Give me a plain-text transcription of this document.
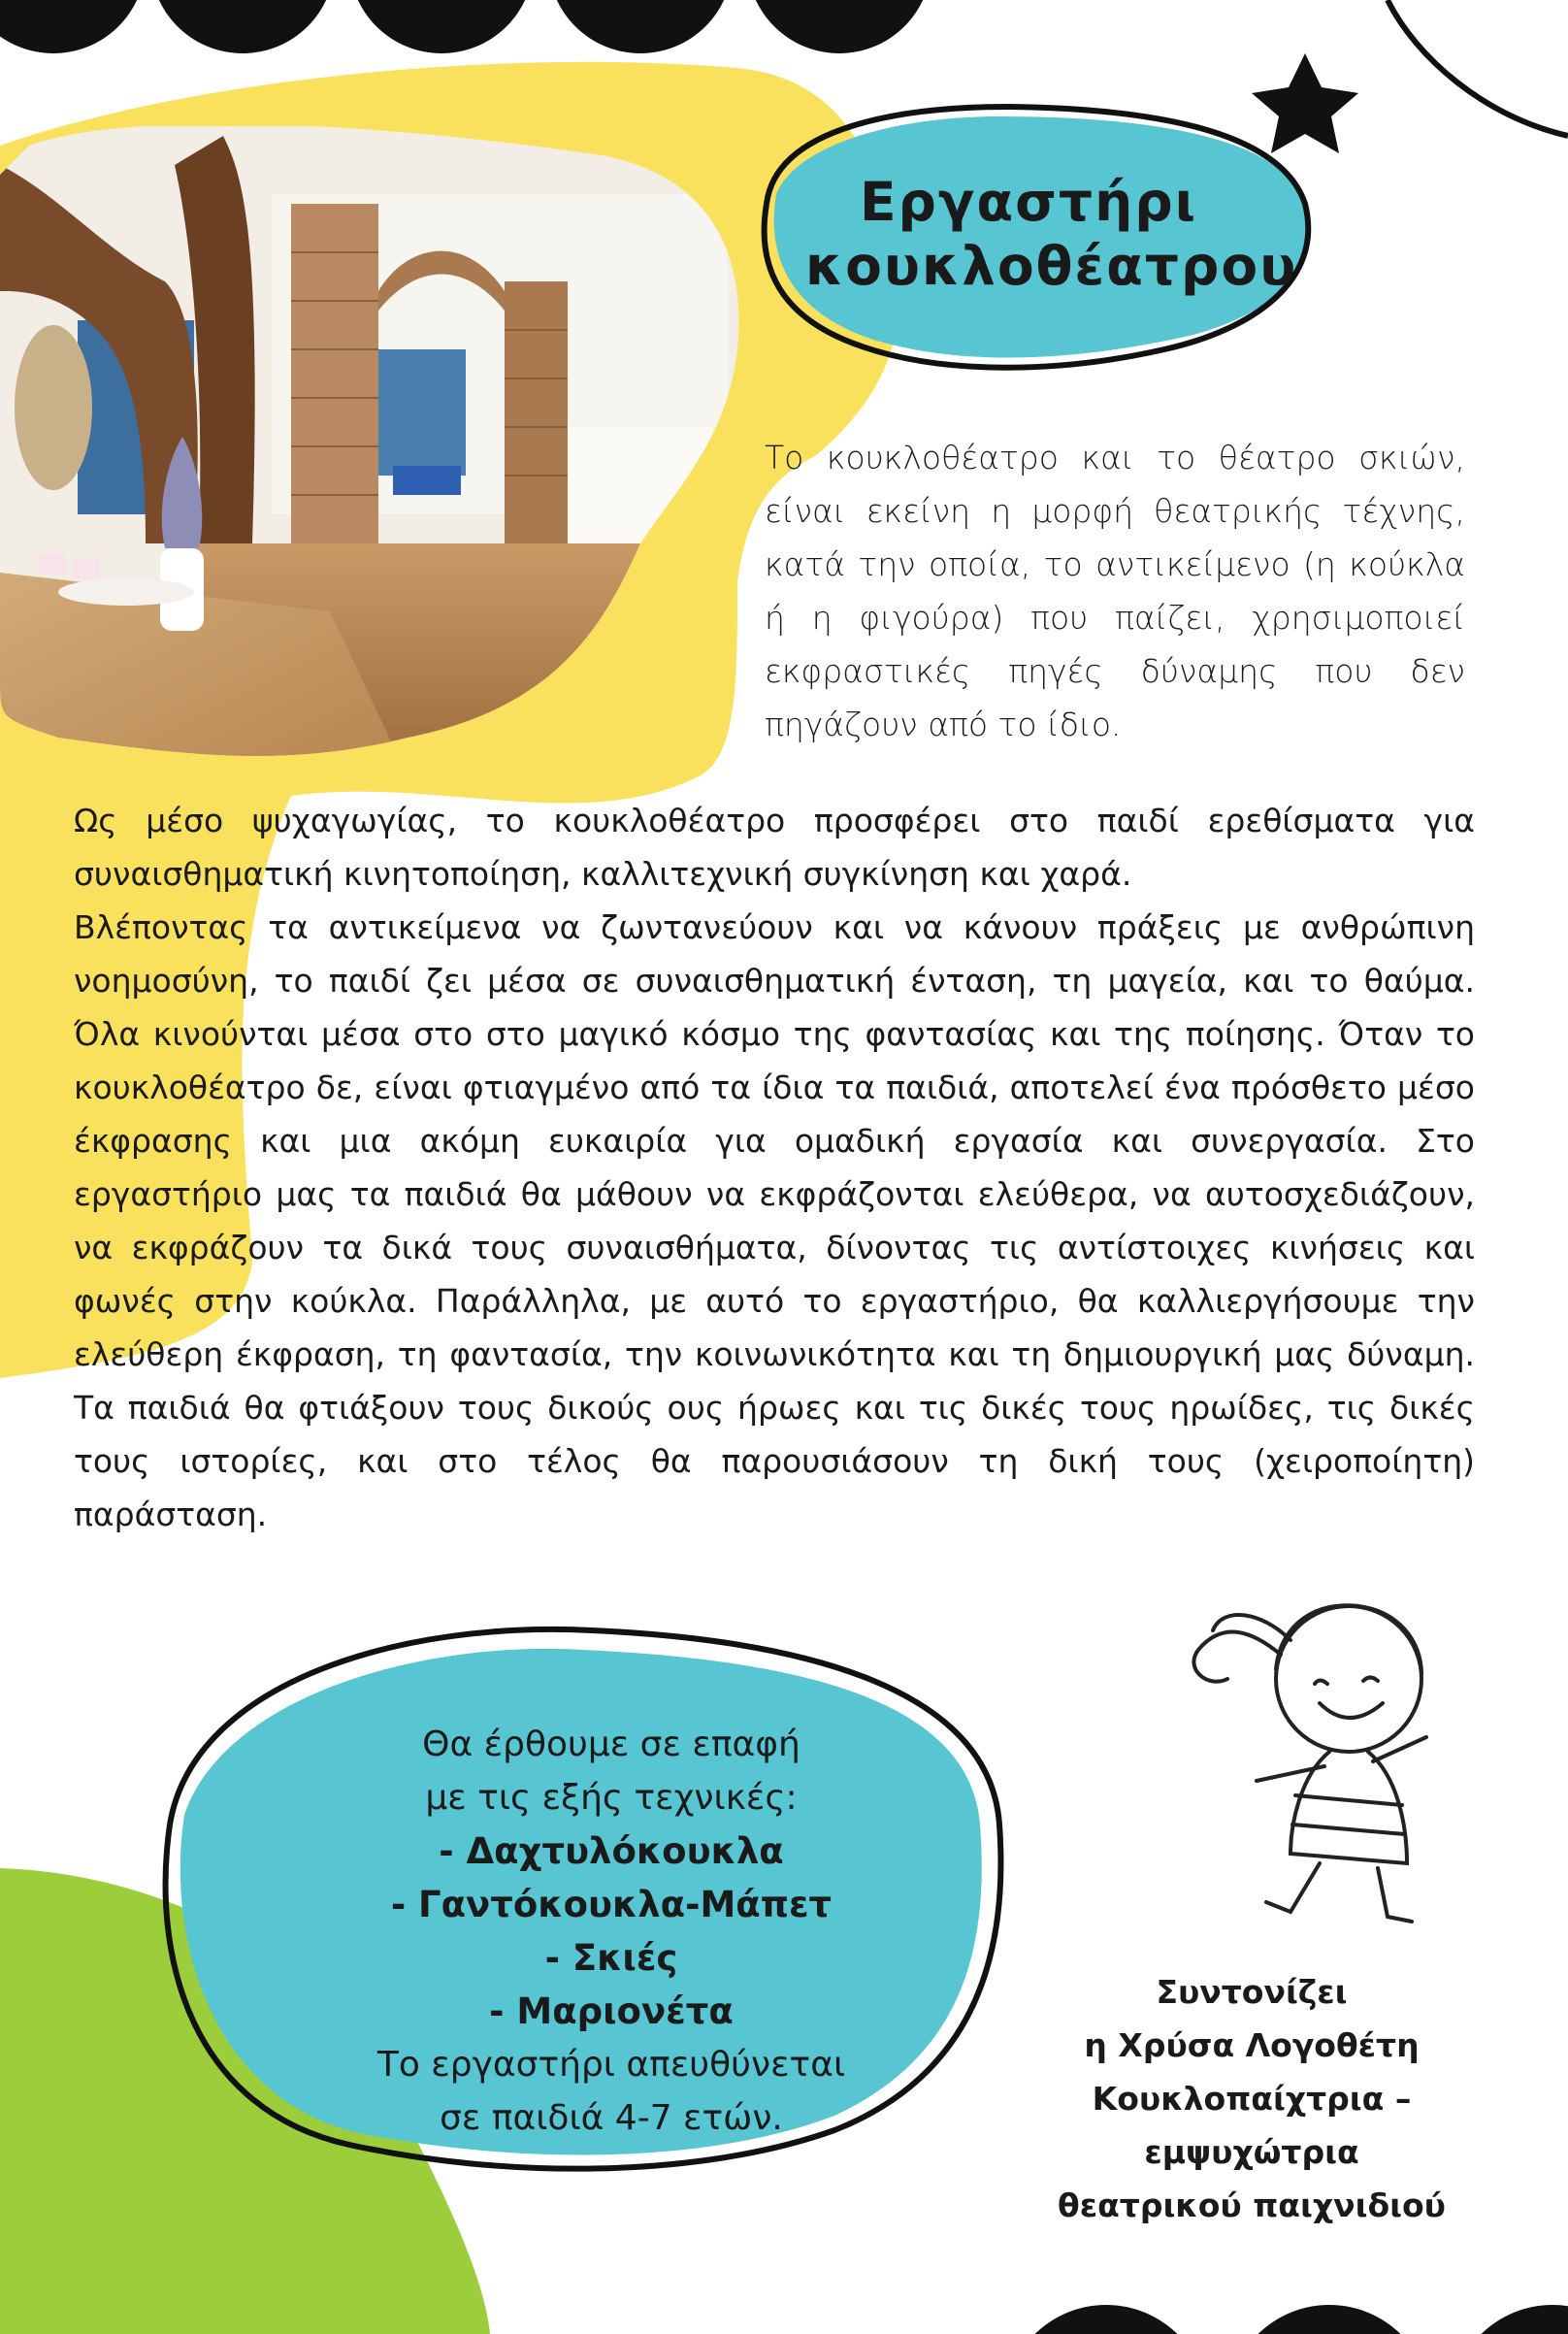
Εργαστήρι
κουκλοθέατρου

Το κουκλοθέατρο και το θέατρο σκιών, είναι εκείνη η μορφή θεατρικής τέχνης, κατά την οποία, το αντικείμενο (η κούκλα ή η φιγούρα) που παίζει, χρησιμοποιεί εκφραστικές πηγές δύναμης που δεν πηγάζουν από το ίδιο.

Ως μέσο ψυχαγωγίας, το κουκλοθέατρο προσφέρει στο παιδί ερεθίσματα για συναισθηματική κινητοποίηση, καλλιτεχνική συγκίνηση και χαρά.

Βλέποντας τα αντικείμενα να ζωντανεύουν και να κάνουν πράξεις με ανθρώπινη νοημοσύνη, το παιδί ζει μέσα σε συναισθηματική ένταση, τη μαγεία, και το θαύμα. Όλα κινούνται μέσα στο στο μαγικό κόσμο της φαντασίας και της ποίησης. Όταν το κουκλοθέατρο δε, είναι φτιαγμένο από τα ίδια τα παιδιά, αποτελεί ένα πρόσθετο μέσο έκφρασης και μια ακόμη ευκαιρία για ομαδική εργασία και συνεργασία. Στο εργαστήριο μας τα παιδιά θα μάθουν να εκφράζονται ελεύθερα, να αυτοσχεδιάζουν, να εκφράζουν τα δικά τους συναισθήματα, δίνοντας τις αντίστοιχες κινήσεις και φωνές στην κούκλα. Παράλληλα, με αυτό το εργαστήριο, θα καλλιεργήσουμε την ελεύθερη έκφραση, τη φαντασία, την κοινωνικότητα και τη δημιουργική μας δύναμη. Τα παιδιά θα φτιάξουν τους δικούς ους ήρωες και τις δικές τους ηρωίδες, τις δικές τους ιστορίες, και στο τέλος θα παρουσιάσουν τη δική τους (χειροποίητη) παράσταση.

Θα έρθουμε σε επαφή
με τις εξής τεχνικές:
- Δαχτυλόκουκλα
- Γαντόκουκλα-Μάπετ
- Σκιές
- Μαριονέτα
Το εργαστήρι απευθύνεται
σε παιδιά 4-7 ετών.
Συντονίζει
η Χρύσα Λογοθέτη
Κουκλοπαίχτρια –
εμψυχώτρια
θεατρικού παιχνιδιού
